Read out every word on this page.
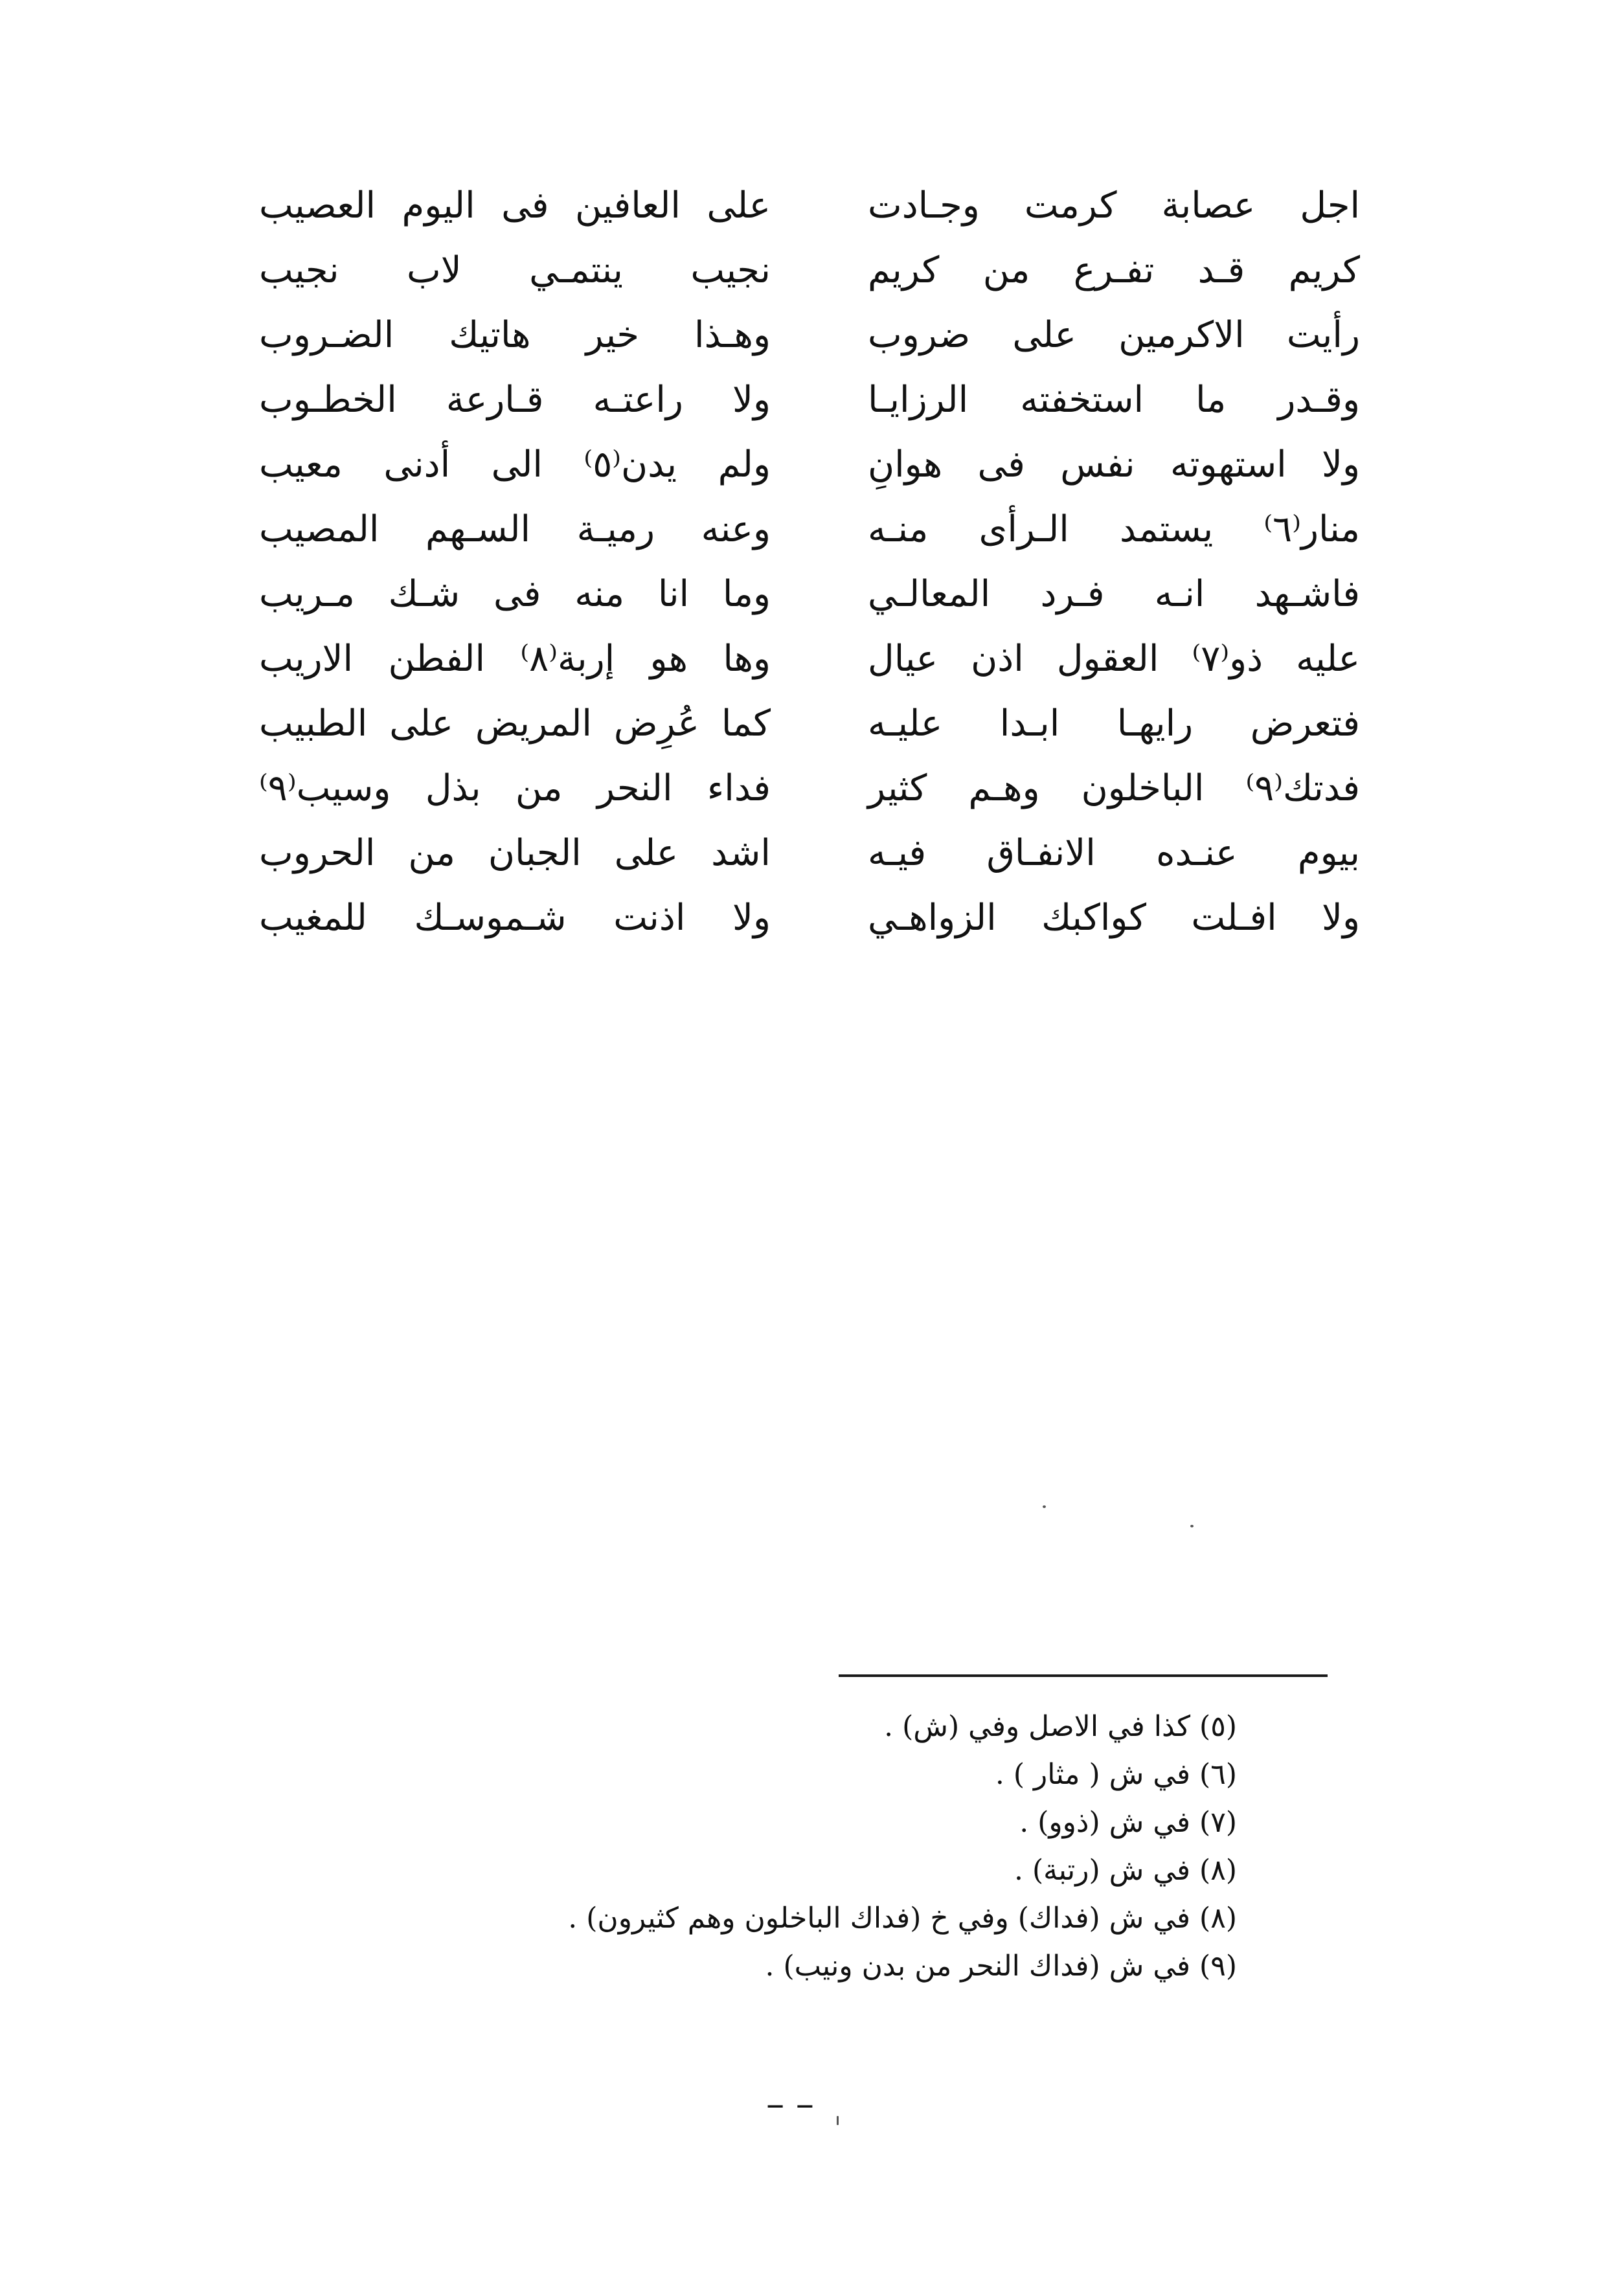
اجل عصابة كرمت وجـادت
على العافين فى اليوم العصيب
كريم قـد تفـرع من كريم
نجيب ينتمـي لاب نجيب
رأيت الاكرمين على ضروب
وهـذا خير هاتيك الضـروب
وقـدر ما استخفته الرزايـا
ولا راعتـه قـارعة الخطـوب
ولا استهوته نفس فى هوانِ
ولم يدن⁽٥⁾ الى أدنى معيب
منار⁽٦⁾ يستمد الـرأى منـه
وعنه رميـة السـهم المصيب
فاشـهد انـه فـرد المعالـي
وما انا منه فى شـك مـريب
عليه ذو⁽٧⁾ العقول اذن عيال
وها هو إربة⁽٨⁾ الفطن الاريب
فتعرض رايهـا ابـدا عليـه
كما عُرِض المريض على الطبيب
فدتك⁽٩⁾ الباخلون وهـم كثير
فداء النحر من بذل وسيب⁽٩⁾
بيوم عنـده الانفـاق فيـه
اشد على الجبان من الحروب
ولا افـلت كواكبك الزواهـي
ولا اذنت شـموسـك للمغيب
(٥) كذا في الاصل وفي (ش) .
(٦) في ش ( مثار ) .
(٧) في ش (ذوو) .
(٨) في ش (رتبة) .
(٨) في ش (فداك) وفي خ (فداك الباخلون وهم كثيرون) .
(٩) في ش (فداك النحر من بدن ونيب) .
– –
